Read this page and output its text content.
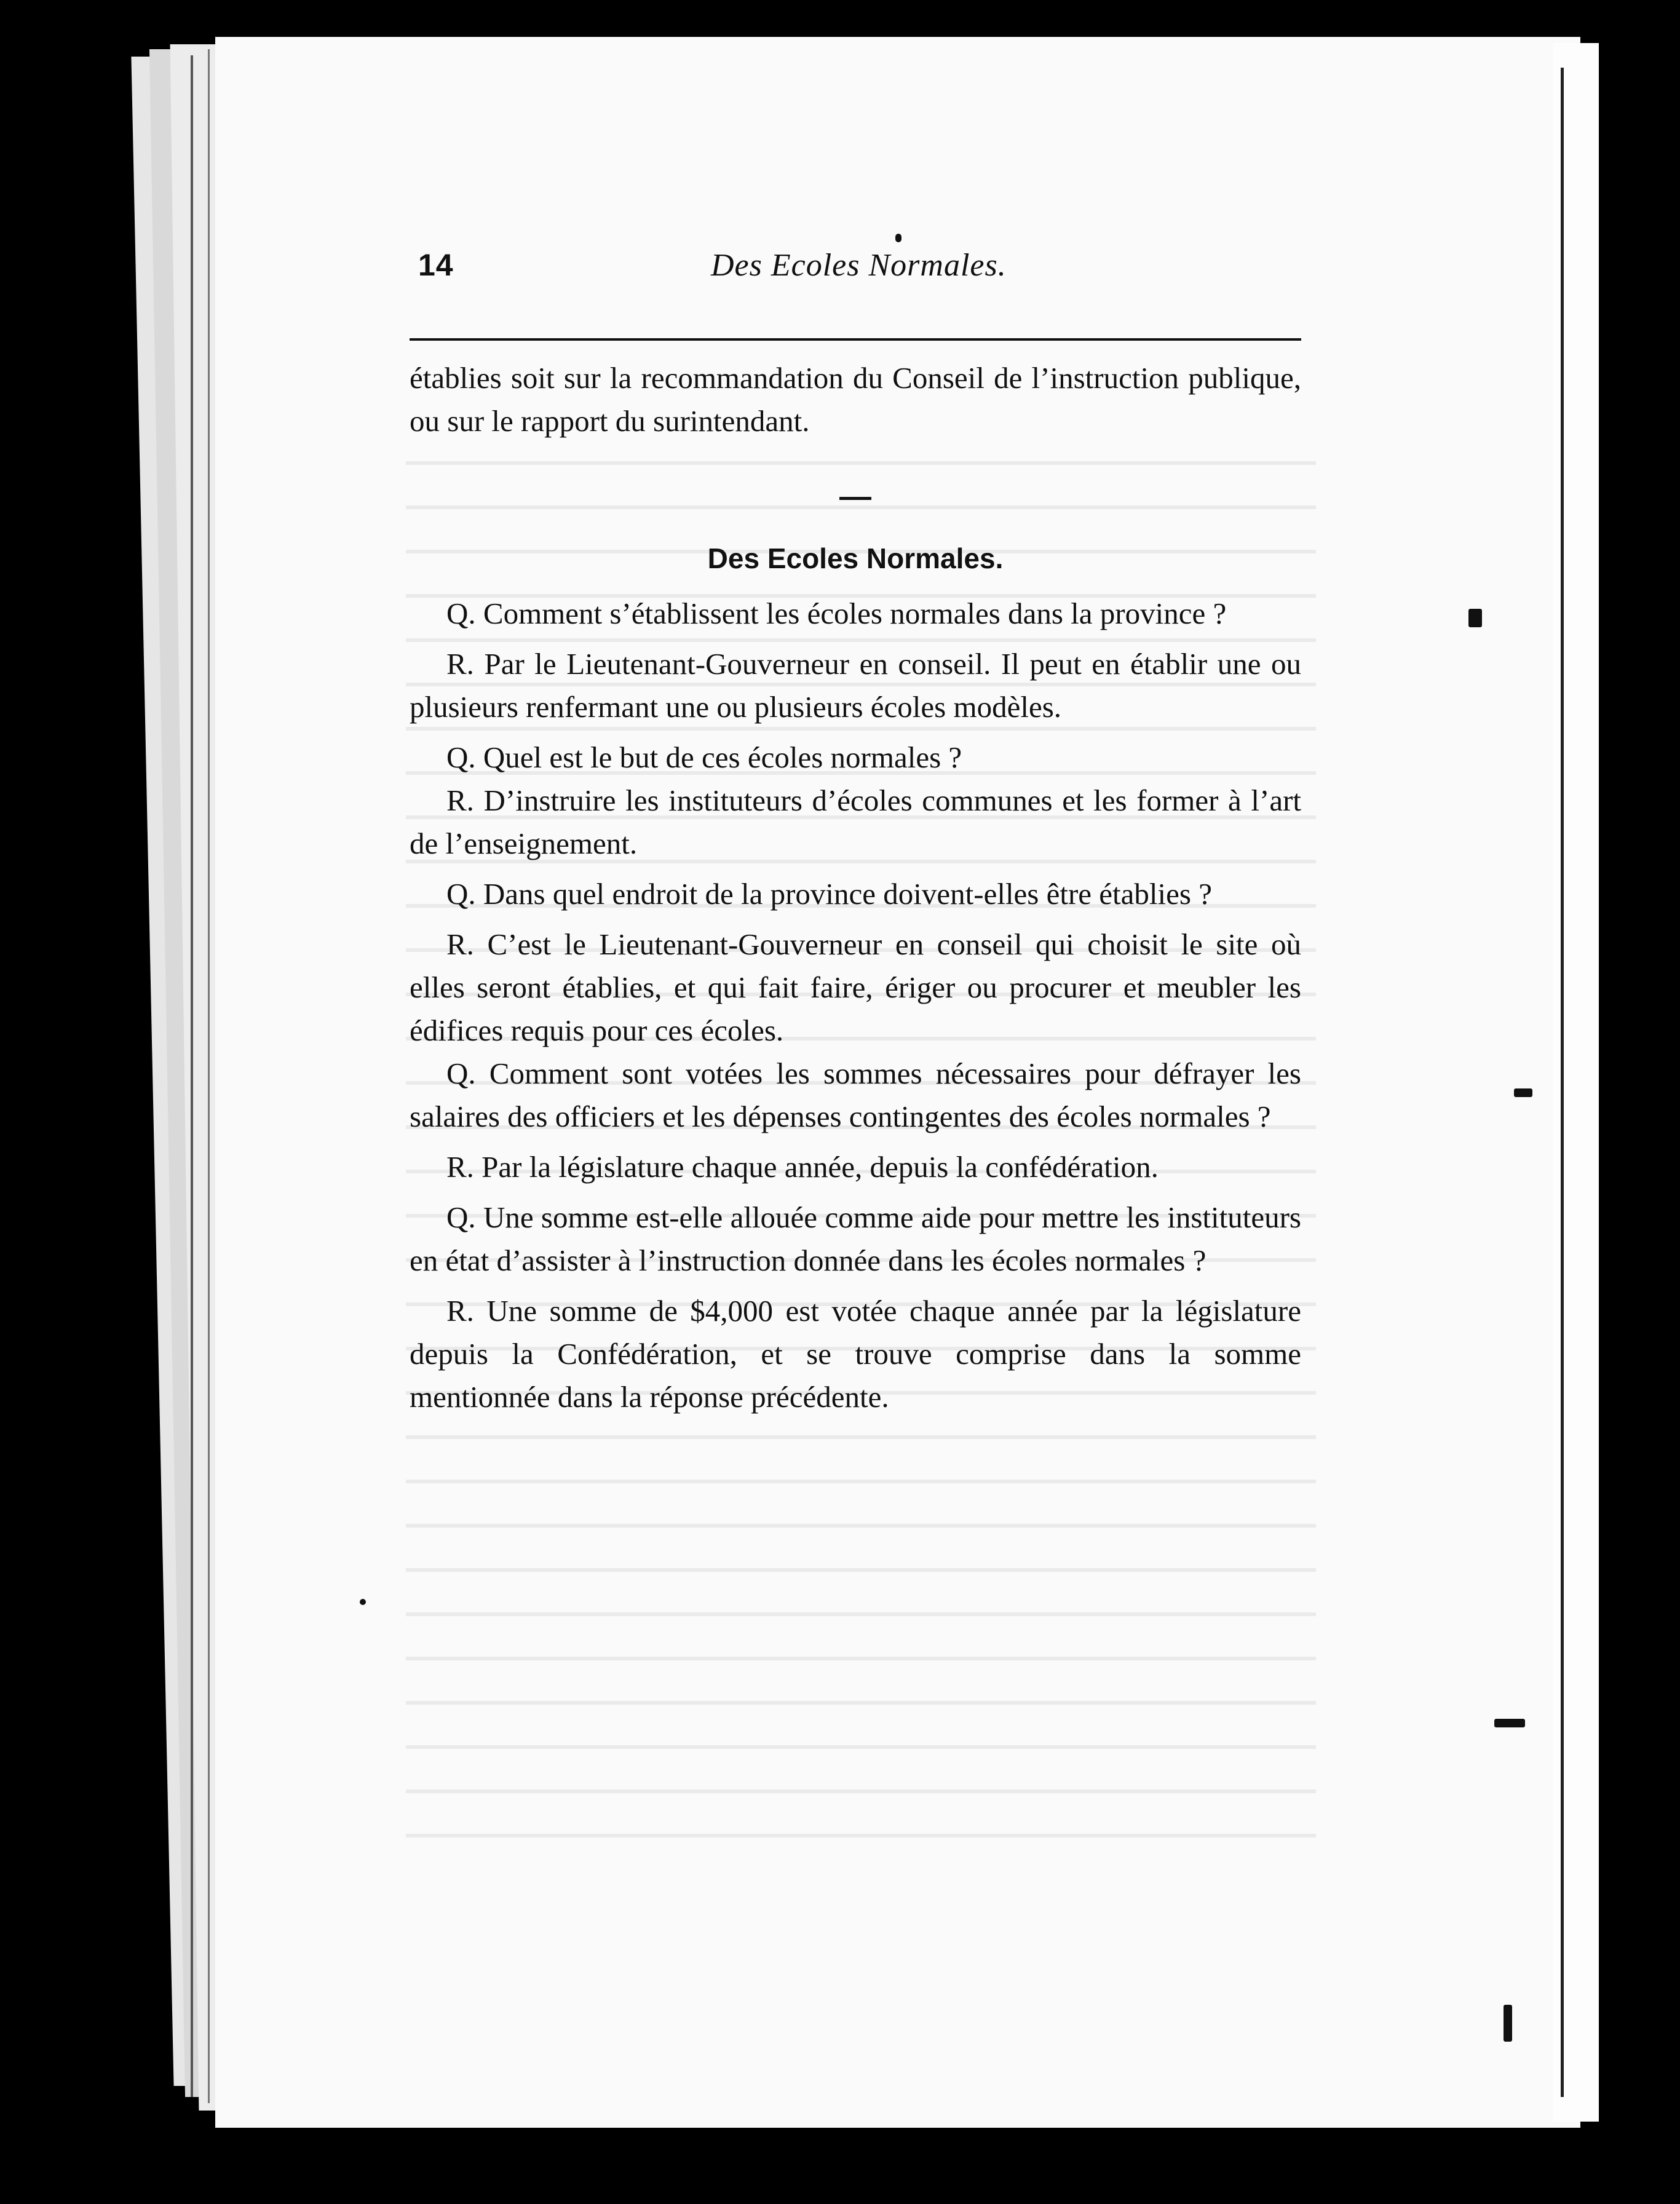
14	Des Ecoles Normales.

établies soit sur la recommandation du Conseil de l’instruction publique, ou sur le rapport du surintendant.

Des Ecoles Normales.

Q. Comment s’établissent les écoles normales dans la province ?

R. Par le Lieutenant-Gouverneur en conseil. Il peut en établir une ou plusieurs renfermant une ou plusieurs écoles modèles.

Q. Quel est le but de ces écoles normales ?

R. D’instruire les instituteurs d’écoles communes et les former à l’art de l’enseignement.

Q. Dans quel endroit de la province doivent-elles être établies ?

R. C’est le Lieutenant-Gouverneur en conseil qui choisit le site où elles seront établies, et qui fait faire, ériger ou procurer et meubler les édifices requis pour ces écoles.

Q. Comment sont votées les sommes nécessaires pour défrayer les salaires des officiers et les dépenses contingentes des écoles normales ?

R. Par la législature chaque année, depuis la confédération.

Q. Une somme est-elle allouée comme aide pour mettre les instituteurs en état d’assister à l’instruction donnée dans les écoles normales ?

R. Une somme de $4,000 est votée chaque année par la législature depuis la Confédération, et se trouve comprise dans la somme mentionnée dans la réponse précédente.
